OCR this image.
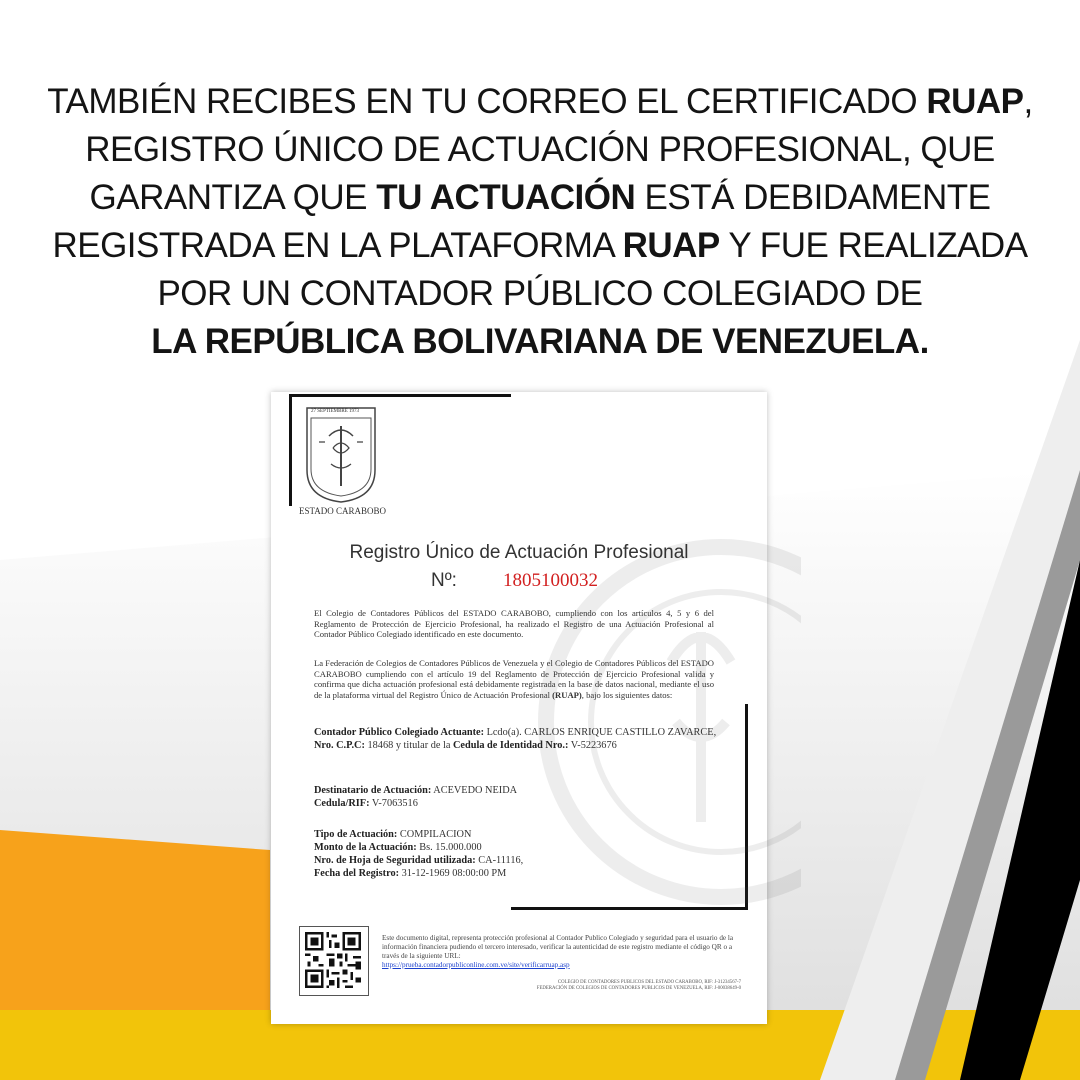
TAMBIÉN RECIBES EN TU CORREO EL CERTIFICADO RUAP,
REGISTRO ÚNICO DE ACTUACIÓN PROFESIONAL, QUE
GARANTIZA QUE TU ACTUACIÓN ESTÁ DEBIDAMENTE
REGISTRADA EN LA PLATAFORMA RUAP Y FUE REALIZADA
POR UN CONTADOR PÚBLICO COLEGIADO DE
LA REPÚBLICA BOLIVARIANA DE VENEZUELA.
27 SEPTIEMBRE 1973
ESTADO CARABOBO
Registro Único de Actuación Profesional
Nº: 1805100032
El Colegio de Contadores Públicos del ESTADO CARABOBO, cumpliendo con los artículos 4, 5 y 6 del Reglamento de Protección de Ejercicio Profesional, ha realizado el Registro de una Actuación Profesional al Contador Público Colegiado identificado en este documento.
La Federación de Colegios de Contadores Públicos de Venezuela y el Colegio de Contadores Públicos del ESTADO CARABOBO cumpliendo con el artículo 19 del Reglamento de Protección de Ejercicio Profesional valida y confirma que dicha actuación profesional está debidamente registrada en la base de datos nacional, mediante el uso de la plataforma virtual del Registro Único de Actuación Profesional (RUAP), bajo los siguientes datos:
Contador Público Colegiado Actuante: Lcdo(a). CARLOS ENRIQUE CASTILLO ZAVARCE, Nro. C.P.C: 18468 y titular de la Cedula de Identidad Nro.: V-5223676
Destinatario de Actuación: ACEVEDO NEIDA
Cedula/RIF: V-7063516
Tipo de Actuación: COMPILACION
Monto de la Actuación: Bs. 15.000.000
Nro. de Hoja de Seguridad utilizada: CA-11116,
Fecha del Registro: 31-12-1969 08:00:00 PM
Este documento digital, representa protección profesional al Contador Publico Colegiado y seguridad para el usuario de la información financiera pudiendo el tercero interesado, verificar la autenticidad de este registro mediante el código QR o a través de la siguiente URL:
https://prueba.contadorpubliconline.com.ve/site/verificarruap.asp
COLEGIO DE CONTADORES PUBLICOS DEL ESTADO CARABOBO, RIF: J-31234567-7
FEDERACIÓN DE COLEGIOS DE CONTADORES PUBLICOS DE VENEZUELA, RIF: J-00038649-0
